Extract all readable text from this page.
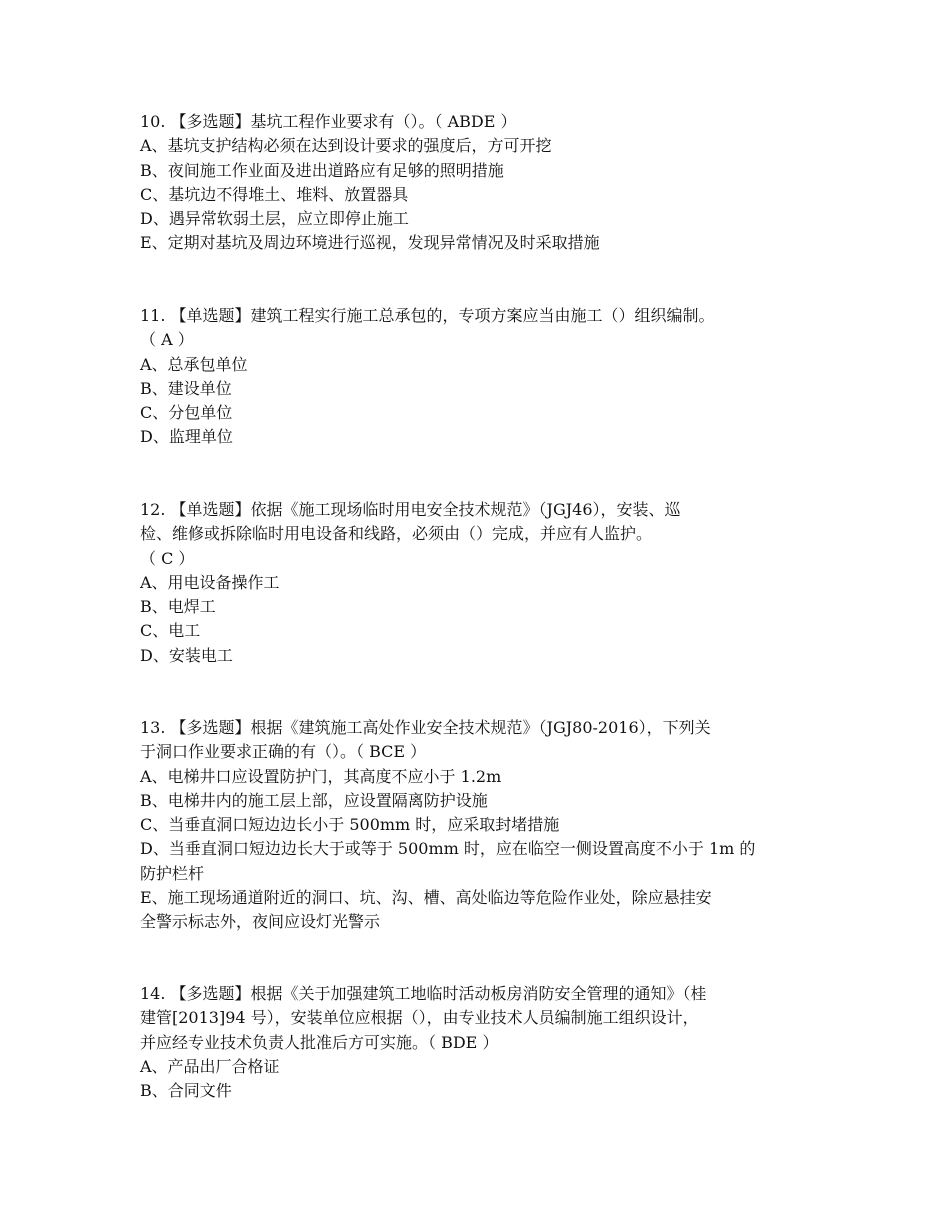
10. 【多选题】基坑工程作业要求有（）。（ ABDE ）
A、基坑支护结构必须在达到设计要求的强度后，方可开挖
B、夜间施工作业面及进出道路应有足够的照明措施
C、基坑边不得堆土、堆料、放置器具
D、遇异常软弱土层，应立即停止施工
E、定期对基坑及周边环境进行巡视，发现异常情况及时采取措施
11. 【单选题】建筑工程实行施工总承包的，专项方案应当由施工（）组织编制。
（ A ）
A、总承包单位
B、建设单位
C、分包单位
D、监理单位
12. 【单选题】依据《施工现场临时用电安全技术规范》（JGJ46），安装、巡
检、维修或拆除临时用电设备和线路，必须由（）完成，并应有人监护。
（ C ）
A、用电设备操作工
B、电焊工
C、电工
D、安装电工
13. 【多选题】根据《建筑施工高处作业安全技术规范》（JGJ80-2016），下列关
于洞口作业要求正确的有（）。（ BCE ）
A、电梯井口应设置防护门，其高度不应小于 1.2m
B、电梯井内的施工层上部，应设置隔离防护设施
C、当垂直洞口短边边长小于 500mm 时，应采取封堵措施
D、当垂直洞口短边边长大于或等于 500mm 时，应在临空一侧设置高度不小于 1m 的
防护栏杆
E、施工现场通道附近的洞口、坑、沟、槽、高处临边等危险作业处，除应悬挂安
全警示标志外，夜间应设灯光警示
14. 【多选题】根据《关于加强建筑工地临时活动板房消防安全管理的通知》（桂
建管[2013]94 号），安装单位应根据（），由专业技术人员编制施工组织设计，
并应经专业技术负责人批准后方可实施。（ BDE ）
A、产品出厂合格证
B、合同文件
